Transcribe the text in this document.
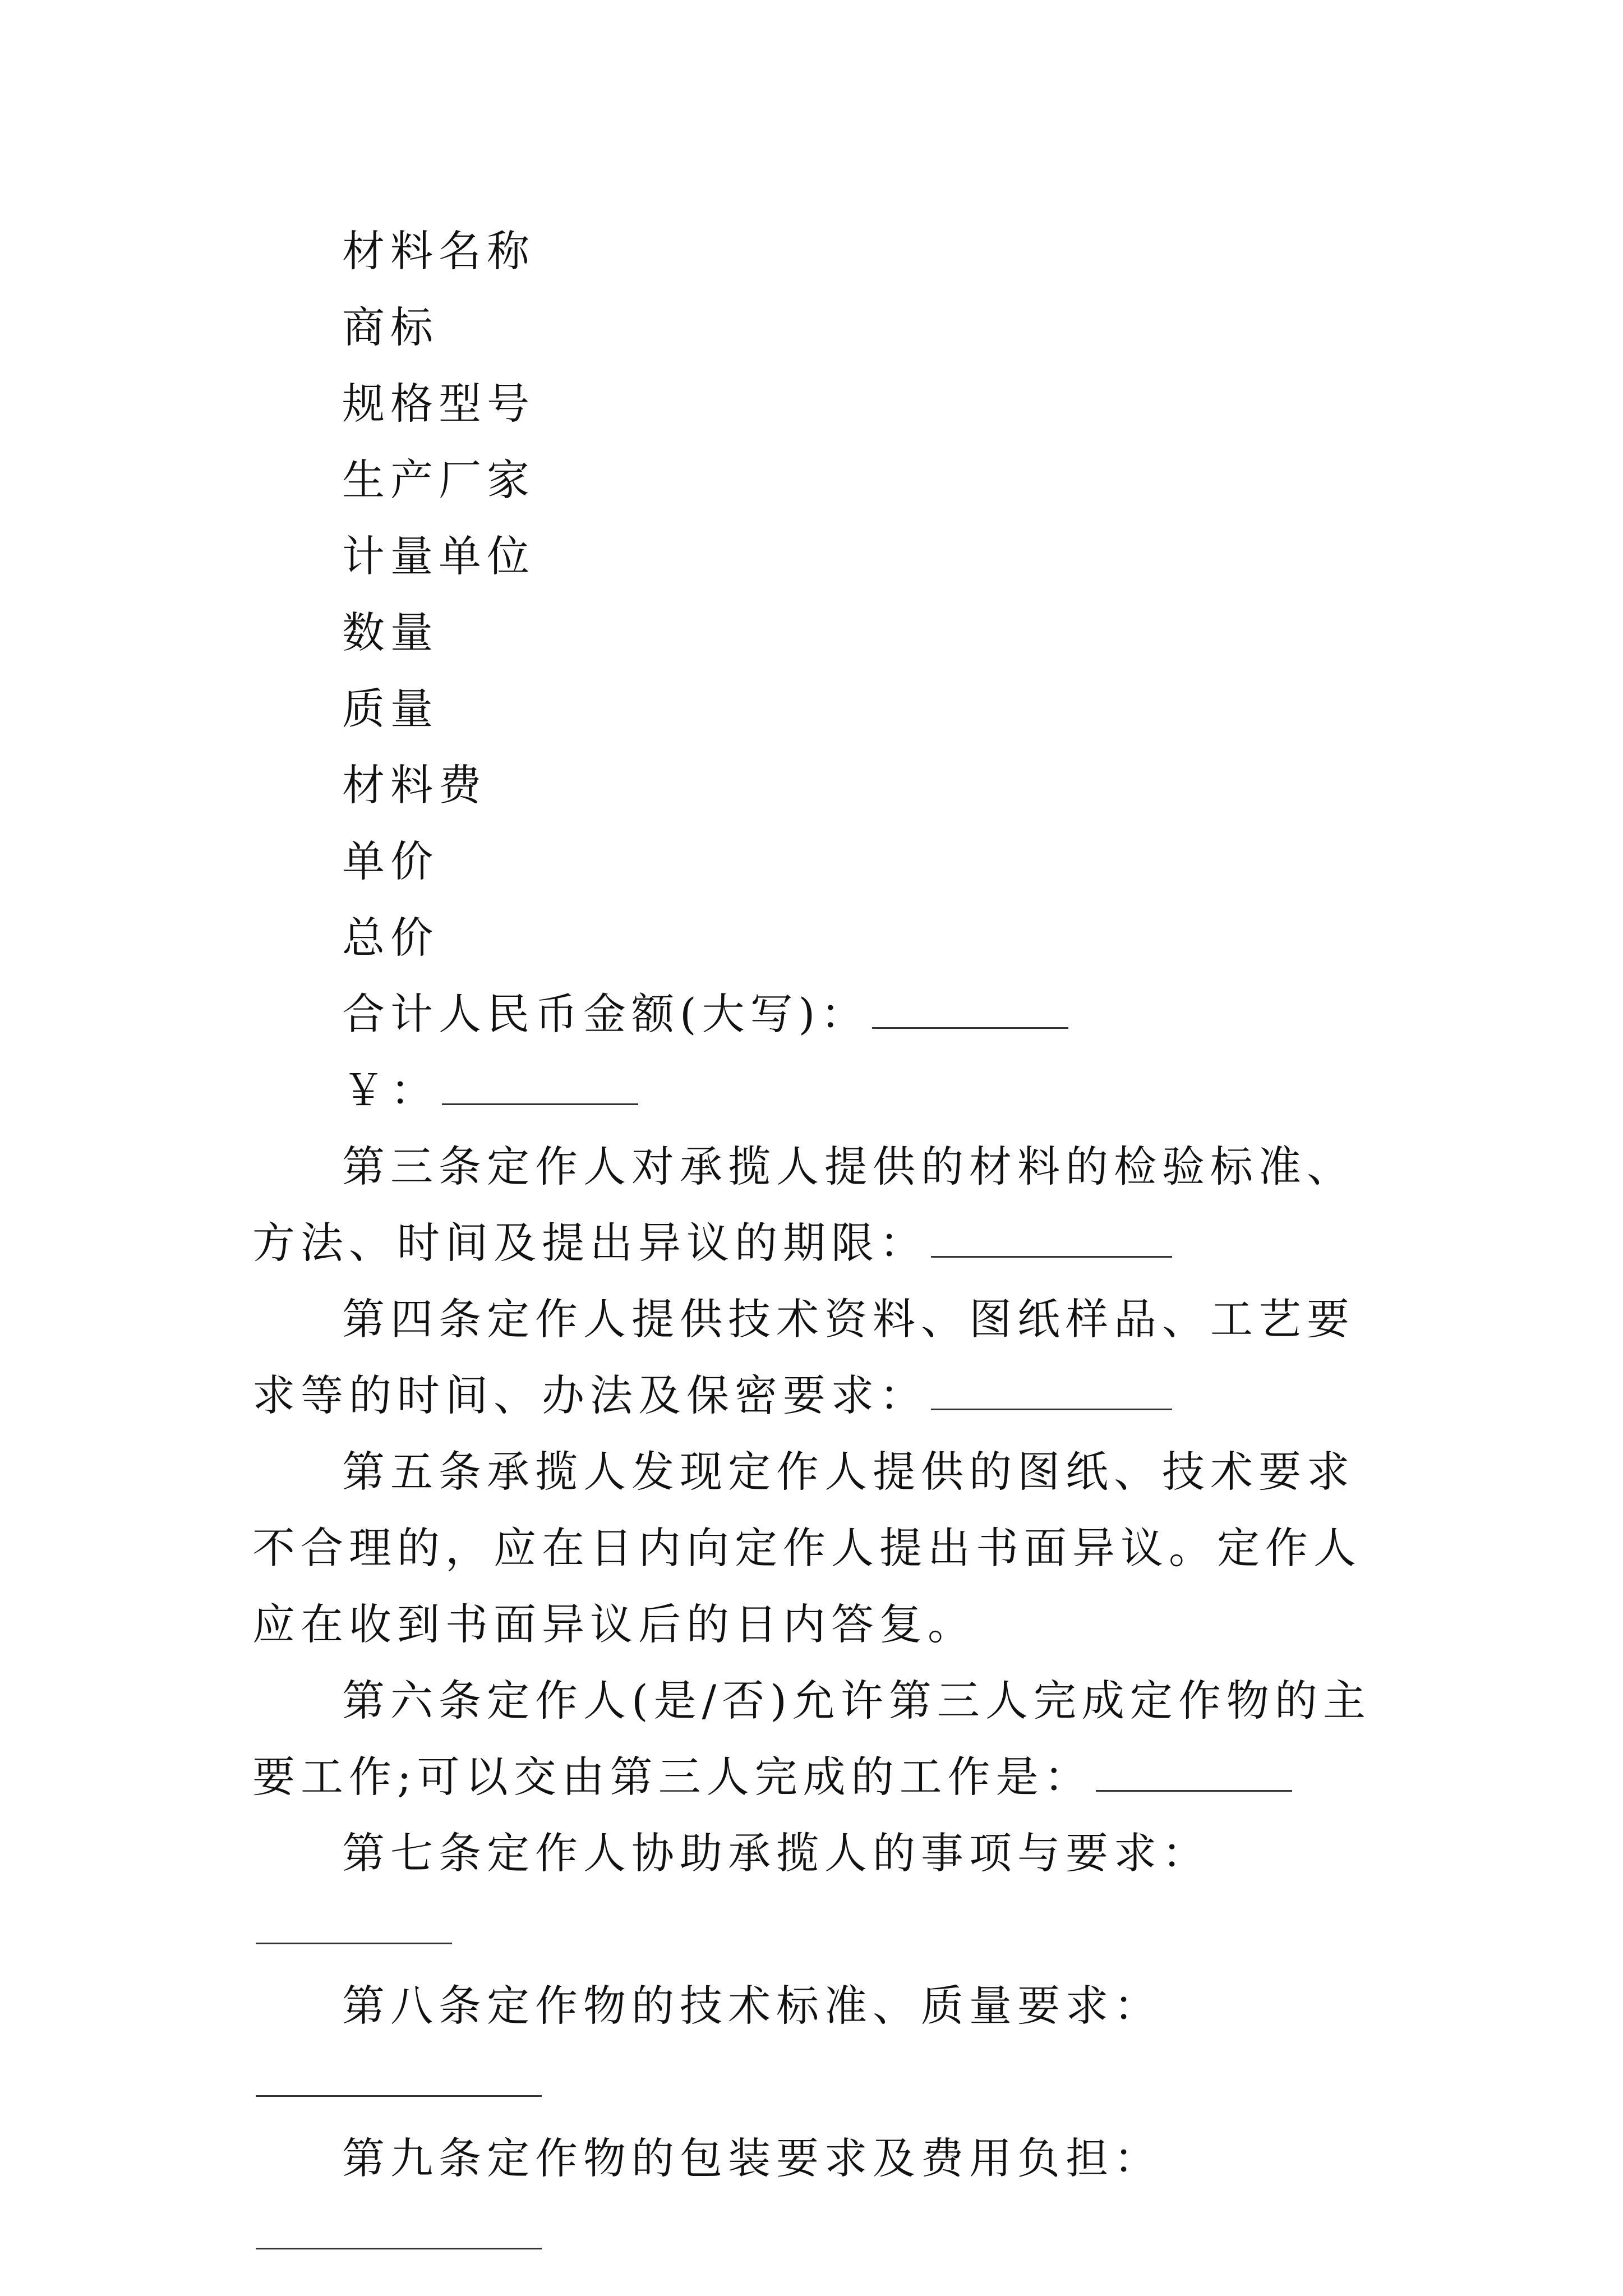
材料名称

商标

规格型号

生产厂家

计量单位

数量

质量

材料费

单价

总价

合计人民币金额(大写)：

￥：

第三条定作人对承揽人提供的材料的检验标准、方法、时间及提出异议的期限：

第四条定作人提供技术资料、图纸样品、工艺要求等的时间、办法及保密要求：

第五条承揽人发现定作人提供的图纸、技术要求不合理的，应在日内向定作人提出书面异议。定作人应在收到书面异议后的日内答复。

第六条定作人(是/否)允许第三人完成定作物的主要工作;可以交由第三人完成的工作是：

第七条定作人协助承揽人的事项与要求：

第八条定作物的技术标准、质量要求：

第九条定作物的包装要求及费用负担：
